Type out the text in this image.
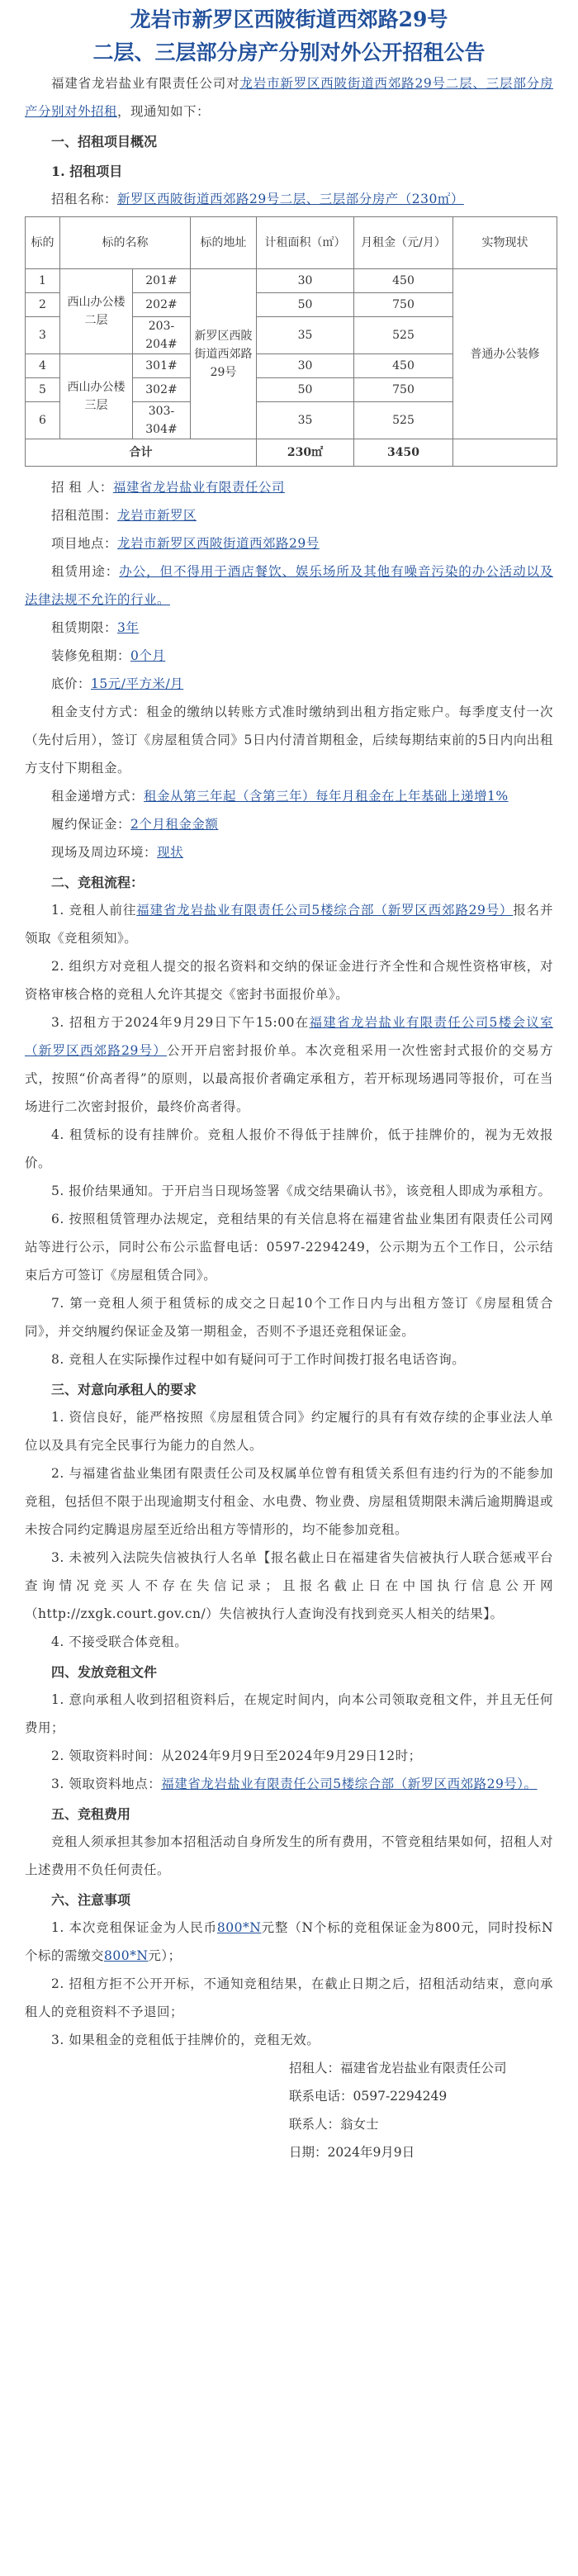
龙岩市新罗区西陂街道西郊路29号
二层、三层部分房产分别对外公开招租公告

福建省龙岩盐业有限责任公司对龙岩市新罗区西陂街道西郊路29号二层、三层部分房产分别对外招租，现通知如下：

一、招租项目概况

1. 招租项目

招租名称：新罗区西陂街道西郊路29号二层、三层部分房产（230㎡）

标的	标的名称		标的地址	计租面积（㎡）	月租金（元/月）	实物现状
1	西山办公楼二层	201#	新罗区西陂街道西郊路29号	30	450	普通办公装修
2		202#		50	750	
3		203-204#		35	525	
4	西山办公楼三层	301#		30	450	
5		302#		50	750	
6		303-304#		35	525	
合计				230㎡	3450	

招 租 人：福建省龙岩盐业有限责任公司

招租范围：龙岩市新罗区

项目地点：龙岩市新罗区西陂街道西郊路29号

租赁用途：办公，但不得用于酒店餐饮、娱乐场所及其他有噪音污染的办公活动以及法律法规不允许的行业。

租赁期限：3年

装修免租期：0个月

底价：15元/平方米/月

租金支付方式：租金的缴纳以转账方式准时缴纳到出租方指定账户。每季度支付一次（先付后用），签订《房屋租赁合同》5日内付清首期租金，后续每期结束前的5日内向出租方支付下期租金。

租金递增方式：租金从第三年起（含第三年）每年月租金在上年基础上递增1%

履约保证金：2个月租金金额

现场及周边环境：现状

二、竞租流程：

1. 竞租人前往福建省龙岩盐业有限责任公司5楼综合部（新罗区西郊路29号）报名并领取《竞租须知》。

2. 组织方对竞租人提交的报名资料和交纳的保证金进行齐全性和合规性资格审核，对资格审核合格的竞租人允许其提交《密封书面报价单》。

3. 招租方于2024年9月29日下午15:00在福建省龙岩盐业有限责任公司5楼会议室（新罗区西郊路29号）公开开启密封报价单。本次竞租采用一次性密封式报价的交易方式，按照“价高者得”的原则，以最高报价者确定承租方，若开标现场遇同等报价，可在当场进行二次密封报价，最终价高者得。

4. 租赁标的设有挂牌价。竞租人报价不得低于挂牌价，低于挂牌价的，视为无效报价。

5. 报价结果通知。于开启当日现场签署《成交结果确认书》，该竞租人即成为承租方。

6. 按照租赁管理办法规定，竞租结果的有关信息将在福建省盐业集团有限责任公司网站等进行公示，同时公布公示监督电话：0597-2294249，公示期为五个工作日，公示结束后方可签订《房屋租赁合同》。

7. 第一竞租人须于租赁标的成交之日起10个工作日内与出租方签订《房屋租赁合同》，并交纳履约保证金及第一期租金，否则不予退还竞租保证金。

8. 竞租人在实际操作过程中如有疑问可于工作时间拨打报名电话咨询。

三、对意向承租人的要求

1. 资信良好，能严格按照《房屋租赁合同》约定履行的具有有效存续的企事业法人单位以及具有完全民事行为能力的自然人。

2. 与福建省盐业集团有限责任公司及权属单位曾有租赁关系但有违约行为的不能参加竞租，包括但不限于出现逾期支付租金、水电费、物业费、房屋租赁期限未满后逾期腾退或未按合同约定腾退房屋至近给出租方等情形的，均不能参加竞租。

3. 未被列入法院失信被执行人名单【报名截止日在福建省失信被执行人联合惩戒平台查询情况竞买人不存在失信记录；且报名截止日在中国执行信息公开网（http://zxgk.court.gov.cn/）失信被执行人查询没有找到竞买人相关的结果】。

4. 不接受联合体竞租。

四、发放竞租文件

1. 意向承租人收到招租资料后，在规定时间内，向本公司领取竞租文件，并且无任何费用；

2. 领取资料时间：从2024年9月9日至2024年9月29日12时；

3. 领取资料地点：福建省龙岩盐业有限责任公司5楼综合部（新罗区西郊路29号）。

五、竞租费用

竞租人须承担其参加本招租活动自身所发生的所有费用，不管竞租结果如何，招租人对上述费用不负任何责任。

六、注意事项

1. 本次竞租保证金为人民币800*N元整（N个标的竞租保证金为800元，同时投标N个标的需缴交800*N元）；

2. 招租方拒不公开开标，不通知竞租结果，在截止日期之后，招租活动结束，意向承租人的竞租资料不予退回；

3. 如果租金的竞租低于挂牌价的，竞租无效。

招租人：福建省龙岩盐业有限责任公司

联系电话：0597-2294249

联系人：翁女士

日期：2024年9月9日
